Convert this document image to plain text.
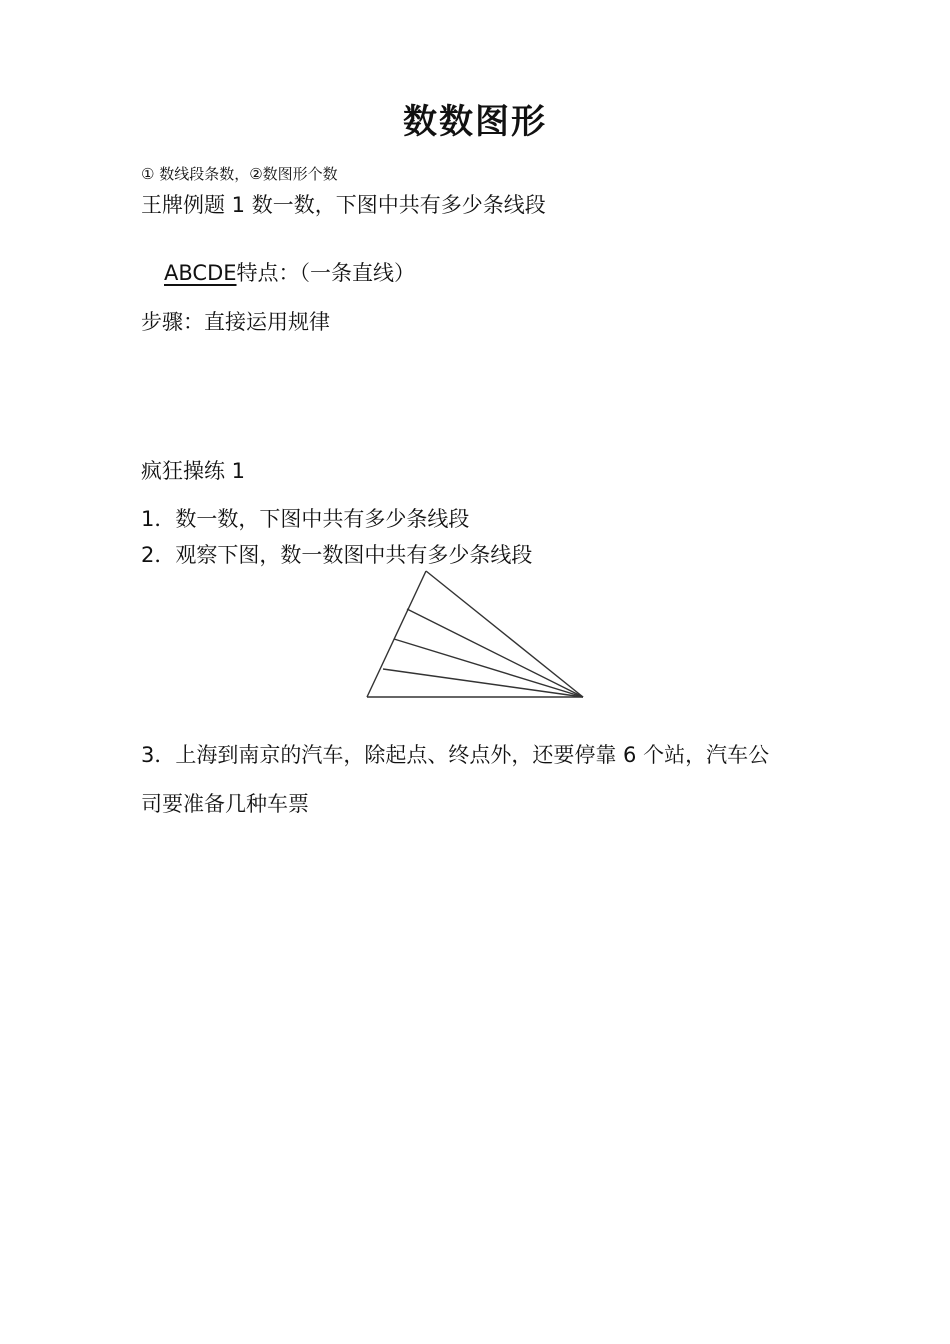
数数图形
① 数线段条数，②数图形个数
王牌例题 1 数一数，下图中共有多少条线段
ABCDE特点：（一条直线）
步骤：直接运用规律
疯狂操练 1
1．数一数，下图中共有多少条线段
2．观察下图，数一数图中共有多少条线段
3．上海到南京的汽车，除起点、终点外，还要停靠 6 个站，汽车公
司要准备几种车票
